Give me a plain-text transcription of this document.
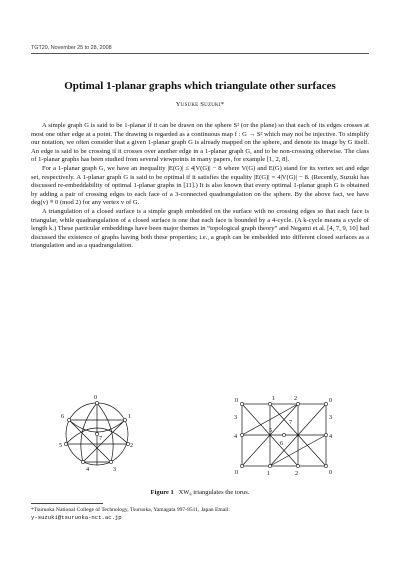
TGT20, November 25 to 28, 2008
Optimal 1-planar graphs which triangulate other surfaces
Yusuke Suzuki*

A simple graph G is said to be 1-planar if it can be drawn on the sphere S² (or the plane) so that each of its edges crosses at most one other edge at a point. The drawing is regarded as a continuous map f : G → S² which may not be injective. To simplify our notation, we often consider that a given 1-planar graph G is already mapped on the sphere, and denote its image by G itself. An edge is said to be crossing if it crosses over another edge in a 1-planar graph G, and to be non-crossing otherwise. The class of 1-planar graphs has been studied from several viewpoints in many papers, for example [1, 2, 8].

For a 1-planar graph G, we have an inequality |E(G)| ≤ 4|V(G)| − 8 where V(G) and E(G) stand for its vertex set and edge set, respectively. A 1-planar graph G is said to be optimal if it satisfies the equality |E(G)| = 4|V(G)| − 8. (Recently, Suzuki has discussed re-embeddability of optimal 1-planar graphs in [11].) It is also known that every optimal 1-planar graph G is obtained by adding a pair of crossing edges to each face of a 3-connected quadrangulation on the sphere. By the above fact, we have deg(v) ≡ 0 (mod 2) for any vertex v of G.

A triangulation of a closed surface is a simple graph embedded on the surface with no crossing edges so that each face is triangular, while quadrangulation of a closed surface is one that each face is bounded by a 4-cycle. (A k-cycle means a cycle of length k.) These particular embeddings have been major themes in “topological graph theory” and Negami et al. [4, 7, 9, 10] had discussed the existence of graphs having both these properties; i.e., a graph can be embedded into different closed surfaces as a triangulation and as a quadrangulation.

0
1
2
3
4
5
6
7
0	1	2	0
3
7
3
4
5
6
4
0	1	2	0
Figure 1 XW₈ triangulates the torus.
*Tsuruoka National College of Technology, Tsuruoka, Yamagata 997-8511, Japan Email:
y-suzuki@tsuruoka-nct.ac.jp
